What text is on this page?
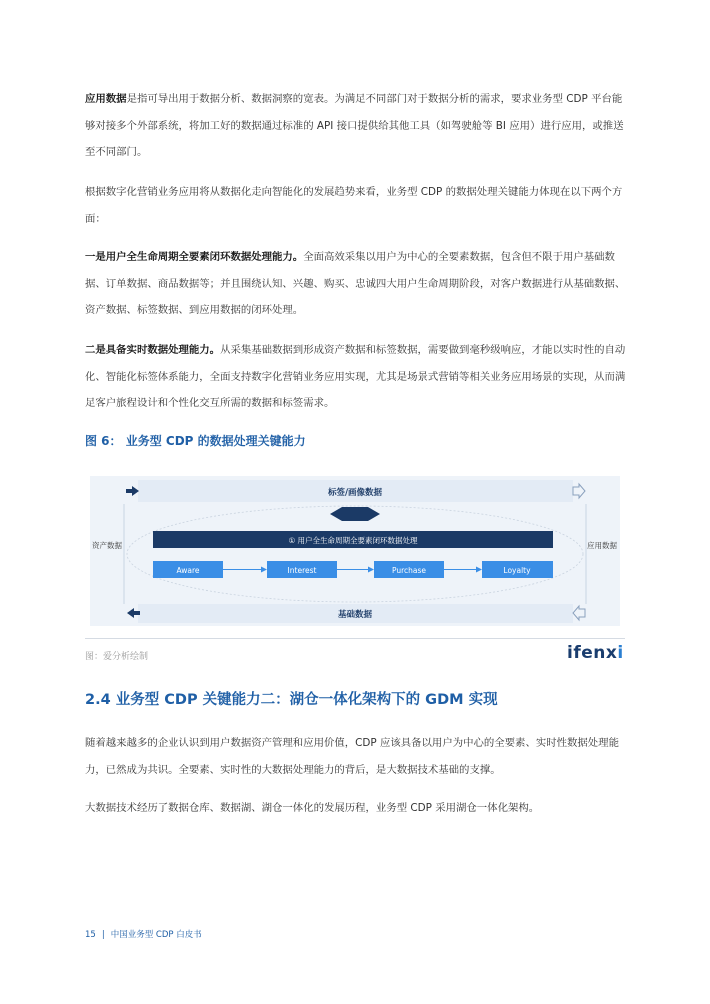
应用数据是指可导出用于数据分析、数据洞察的宽表。为满足不同部门对于数据分析的需求，要求业务型 CDP 平台能够对接多个外部系统，将加工好的数据通过标准的 API 接口提供给其他工具（如驾驶舱等 BI 应用）进行应用，或推送至不同部门。

根据数字化营销业务应用将从数据化走向智能化的发展趋势来看，业务型 CDP 的数据处理关键能力体现在以下两个方面：

一是用户全生命周期全要素闭环数据处理能力。全面高效采集以用户为中心的全要素数据，包含但不限于用户基础数据、订单数据、商品数据等；并且围绕认知、兴趣、购买、忠诚四大用户生命周期阶段，对客户数据进行从基础数据、资产数据、标签数据、到应用数据的闭环处理。

二是具备实时数据处理能力。从采集基础数据到形成资产数据和标签数据，需要做到毫秒级响应，才能以实时性的自动化、智能化标签体系能力，全面支持数字化营销业务应用实现，尤其是场景式营销等相关业务应用场景的实现，从而满足客户旅程设计和个性化交互所需的数据和标签需求。

图 6： 业务型 CDP 的数据处理关键能力
标签/画像数据
资产数据	应用数据
① 用户全生命周期全要素闭环数据处理
Aware	Interest	Purchase	Loyalty
基础数据
图：爱分析绘制	ifenxi
2.4 业务型 CDP 关键能力二：湖仓一体化架构下的 GDM 实现

随着越来越多的企业认识到用户数据资产管理和应用价值，CDP 应该具备以用户为中心的全要素、实时性数据处理能力，已然成为共识。全要素、实时性的大数据处理能力的背后，是大数据技术基础的支撑。

大数据技术经历了数据仓库、数据湖、湖仓一体化的发展历程，业务型 CDP 采用湖仓一体化架构。

15 | 中国业务型 CDP 白皮书
